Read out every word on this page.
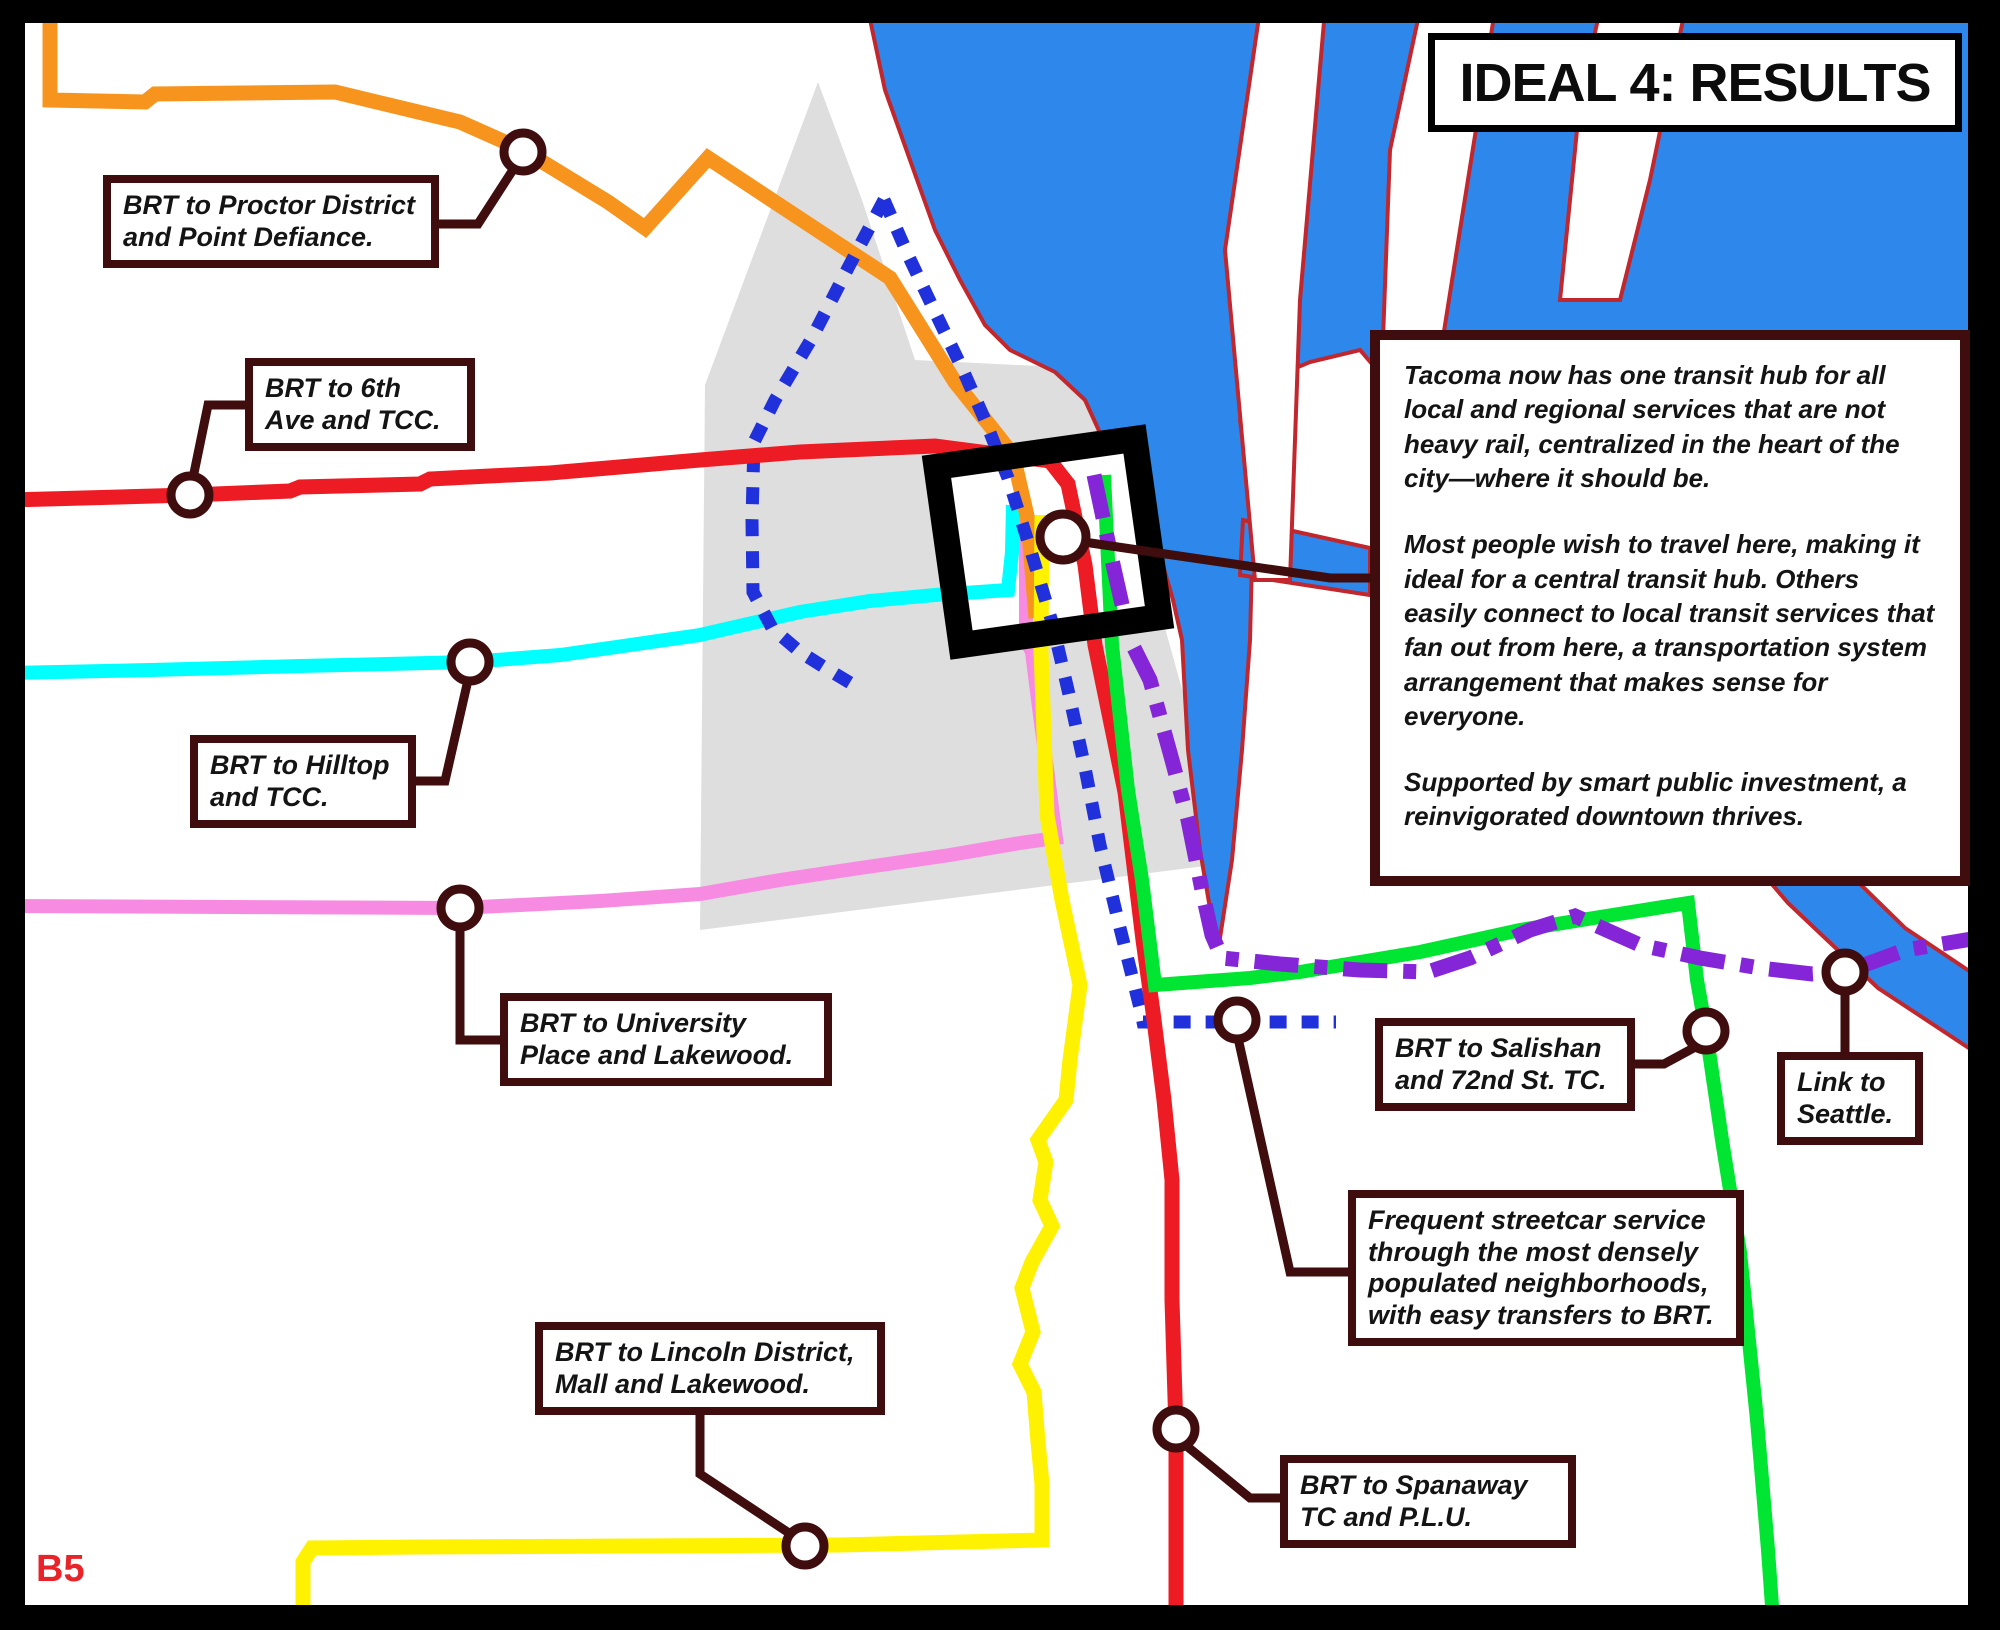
IDEAL 4: RESULTS

Tacoma now has one transit hub for all local and regional services that are not heavy rail, centralized in the heart of the city—where it should be.

Most people wish to travel here, making it ideal for a central transit hub. Others easily connect to local transit services that fan out from here, a transportation system arrangement that makes sense for everyone.

Supported by smart public investment, a reinvigorated downtown thrives.

BRT to Proctor District and Point Defiance.
BRT to 6th Ave and TCC.
BRT to Hilltop and TCC.
BRT to University Place and Lakewood.
BRT to Lincoln District, Mall and Lakewood.
BRT to Salishan and 72nd St. TC.	Link to Seattle.
Frequent streetcar service through the most densely populated neighborhoods, with easy transfers to BRT.
BRT to Spanaway TC and P.L.U.
B5
